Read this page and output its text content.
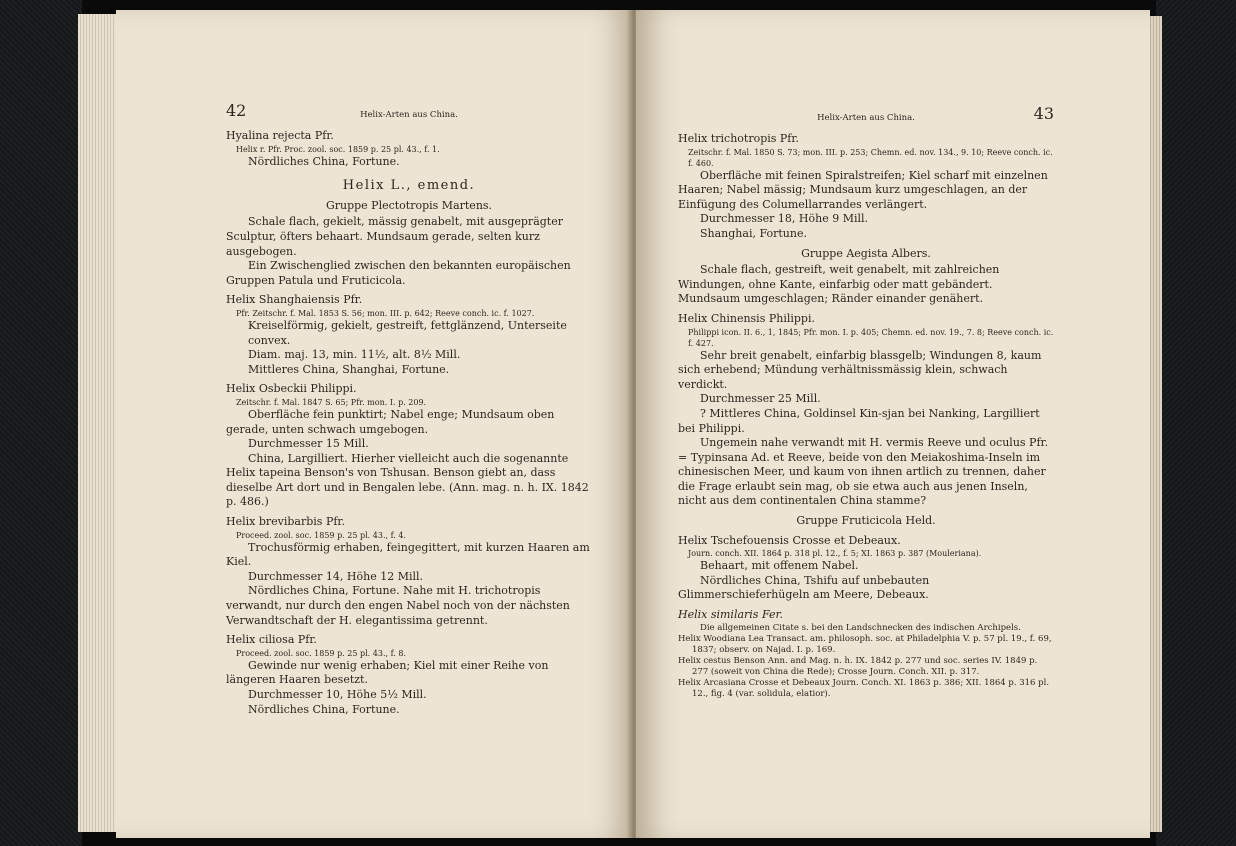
42	Helix-Arten aus China.

Hyalina rejecta Pfr.

Helix r. Pfr. Proc. zool. soc. 1859 p. 25 pl. 43., f. 1.

Nördliches China, Fortune.

Helix L., emend.

Gruppe Plectotropis Martens.

Schale flach, gekielt, mässig genabelt, mit ausgeprägter Sculptur, öfters behaart. Mundsaum gerade, selten kurz ausgebogen.

Ein Zwischenglied zwischen den bekannten europäischen Gruppen Patula und Fruticicola.

Helix Shanghaiensis Pfr.

Pfr. Zeitschr. f. Mal. 1853 S. 56; mon. III. p. 642; Reeve conch. ic. f. 1027.

Kreiselförmig, gekielt, gestreift, fettglänzend, Unterseite convex.

Diam. maj. 13, min. 11½, alt. 8½ Mill.

Mittleres China, Shanghai, Fortune.

Helix Osbeckii Philippi.

Zeitschr. f. Mal. 1847 S. 65; Pfr. mon. I. p. 209.

Oberfläche fein punktirt; Nabel enge; Mundsaum oben gerade, unten schwach umgebogen.

Durchmesser 15 Mill.

China, Largilliert. Hierher vielleicht auch die sogenannte Helix tapeina Benson's von Tshusan. Benson giebt an, dass dieselbe Art dort und in Bengalen lebe. (Ann. mag. n. h. IX. 1842 p. 486.)

Helix brevibarbis Pfr.

Proceed. zool. soc. 1859 p. 25 pl. 43., f. 4.

Trochusförmig erhaben, feingegittert, mit kurzen Haaren am Kiel.

Durchmesser 14, Höhe 12 Mill.

Nördliches China, Fortune. Nahe mit H. trichotropis verwandt, nur durch den engen Nabel noch von der nächsten Verwandtschaft der H. elegantissima getrennt.

Helix ciliosa Pfr.

Proceed. zool. soc. 1859 p. 25 pl. 43., f. 8.

Gewinde nur wenig erhaben; Kiel mit einer Reihe von längeren Haaren besetzt.

Durchmesser 10, Höhe 5½ Mill.

Nördliches China, Fortune.

Helix-Arten aus China.	43

Helix trichotropis Pfr.

Zeitschr. f. Mal. 1850 S. 73; mon. III. p. 253; Chemn. ed. nov. 134., 9. 10; Reeve conch. ic. f. 460.

Oberfläche mit feinen Spiralstreifen; Kiel scharf mit einzelnen Haaren; Nabel mässig; Mundsaum kurz umgeschlagen, an der Einfügung des Columellarrandes verlängert.

Durchmesser 18, Höhe 9 Mill.

Shanghai, Fortune.

Gruppe Aegista Albers.

Schale flach, gestreift, weit genabelt, mit zahlreichen Windungen, ohne Kante, einfarbig oder matt gebändert. Mundsaum umgeschlagen; Ränder einander genähert.

Helix Chinensis Philippi.

Philippi icon. II. 6., 1, 1845; Pfr. mon. I. p. 405; Chemn. ed. nov. 19., 7. 8; Reeve conch. ic. f. 427.

Sehr breit genabelt, einfarbig blassgelb; Windungen 8, kaum sich erhebend; Mündung verhältnissmässig klein, schwach verdickt.

Durchmesser 25 Mill.

? Mittleres China, Goldinsel Kin-sjan bei Nanking, Largilliert bei Philippi.

Ungemein nahe verwandt mit H. vermis Reeve und oculus Pfr. = Typinsana Ad. et Reeve, beide von den Meiakoshima-Inseln im chinesischen Meer, und kaum von ihnen artlich zu trennen, daher die Frage erlaubt sein mag, ob sie etwa auch aus jenen Inseln, nicht aus dem continentalen China stamme?

Gruppe Fruticicola Held.

Helix Tschefouensis Crosse et Debeaux.

Journ. conch. XII. 1864 p. 318 pl. 12., f. 5; XI. 1863 p. 387 (Mouleriana).

Behaart, mit offenem Nabel.

Nördliches China, Tshifu auf unbebauten Glimmerschieferhügeln am Meere, Debeaux.

Helix similaris Fer.

Die allgemeinen Citate s. bei den Landschnecken des indischen Archipels.

Helix Woodiana Lea Transact. am. philosoph. soc. at Philadelphia V. p. 57 pl. 19., f. 69, 1837; observ. on Najad. I. p. 169.

Helix cestus Benson Ann. and Mag. n. h. IX. 1842 p. 277 und soc. series IV. 1849 p. 277 (soweit von China die Rede); Crosse Journ. Conch. XII. p. 317.

Helix Arcasiana Crosse et Debeaux Journ. Conch. XI. 1863 p. 386; XII. 1864 p. 316 pl. 12., fig. 4 (var. solidula, elatior).
